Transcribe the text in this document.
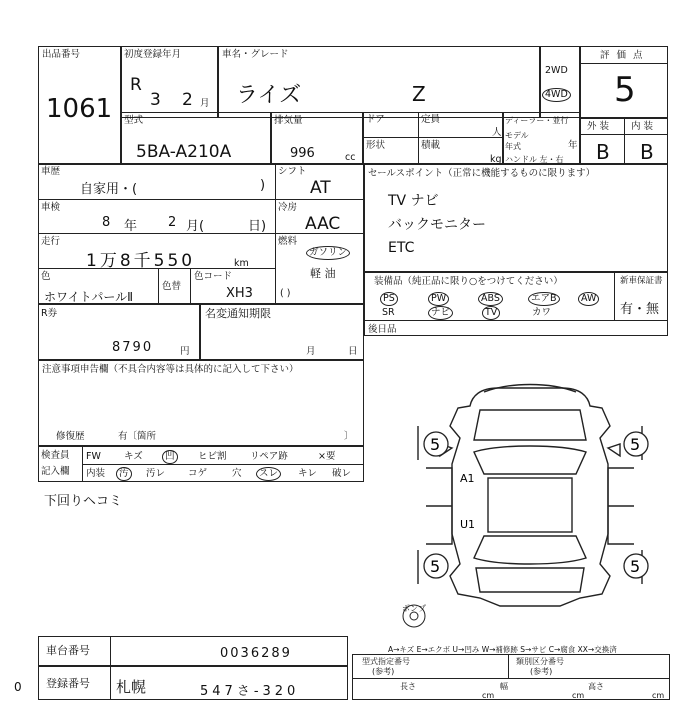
出品番号
1061
初度登録年月
R
3 2 月
車名・グレード
ライズ	Z
2WD
4WD
評 価 点
5
型式
5BA-A210A
排気量
996	cc
ドア	定員
人
形状	積載
kg
ディーラー・並行
モデル年式	年
ハンドル 左・右
外 装 内 装
B B
車歴
自家用・(	)
車検
8 年 2 月(	日)
走行
1万8千550	km
色
ホワイトパールⅡ
色替
色コード
XH3
シフト
AT
冷房
AAC
燃料
ガソリン
軽 油
( )
セールスポイント（正常に機能するものに限ります）
TV ナビ
バックモニター
ETC
装備品（純正品に限り○をつけてください）	新車保証書
有・無
PS	PW	ABS	エアB	AW
SR	ナビ	TV	カワ
後日品
R券
8790	円
名変通知期限
月	日
注意事項申告欄（不具合内容等は具体的に記入して下さい）
修復歴	有〔箇所	〕
検査員
記入欄
FW キズ	凹	ヒビ割 リペア跡	×要
内装	汚	汚レ コゲ	穴	スレ	キレ 破レ
下回りヘコミ
5	5
5	5
A1
U1
ポンプ
車台番号	0036289
登録番号 札幌	547さ-320
0
A→キズ E→エクボ U→凹み W→補修跡 S→サビ C→腐食 XX→交換済
型式指定番号
(参考)
類別区分番号
(参考)
長さ
cm
幅
cm
高さ
cm
